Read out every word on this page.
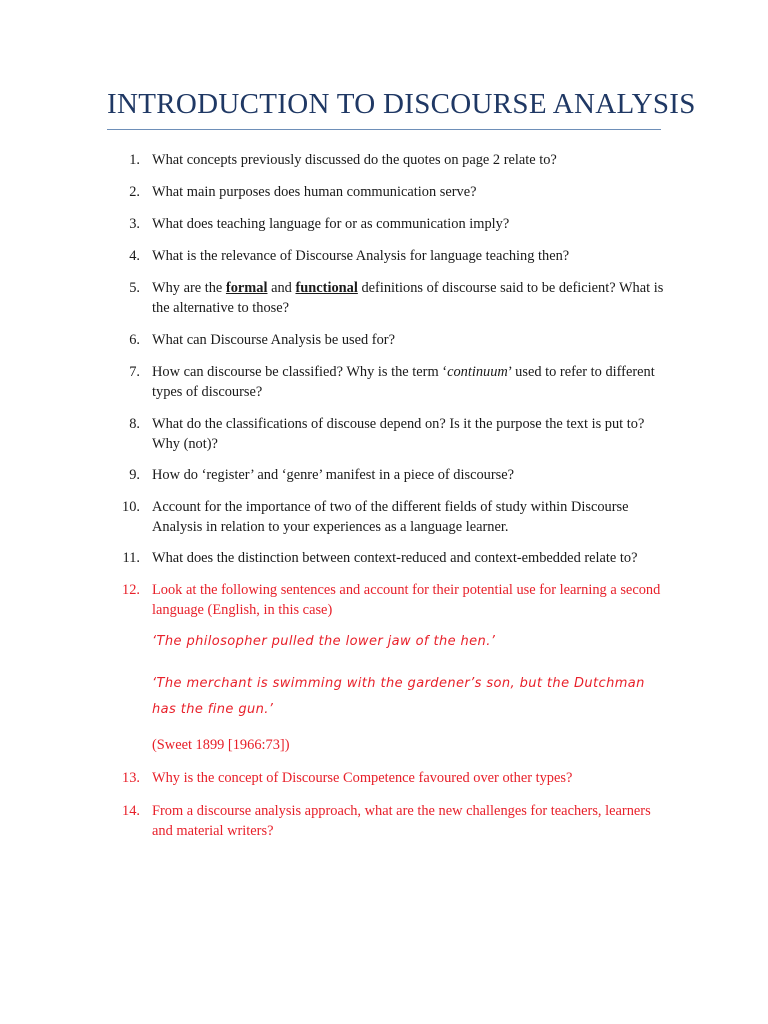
INTRODUCTION TO DISCOURSE ANALYSIS
1. What concepts previously discussed do the quotes on page 2 relate to?
2. What main purposes does human communication serve?
3. What does teaching language for or as communication imply?
4. What is the relevance of Discourse Analysis for language teaching then?
5. Why are the formal and functional definitions of discourse said to be deficient? What is the alternative to those?
6. What can Discourse Analysis be used for?
7. How can discourse be classified? Why is the term ‘continuum’ used to refer to different types of discourse?
8. What do the classifications of discouse depend on? Is it the purpose the text is put to? Why (not)?
9. How do ‘register’ and ‘genre’ manifest in a piece of discourse?
10. Account for the importance of two of the different fields of study within Discourse Analysis in relation to your experiences as a language learner.
11. What does the distinction between context-reduced and context-embedded relate to?
12. Look at the following sentences and account for their potential use for learning a second language (English, in this case)
‘The philosopher pulled the lower jaw of the hen.’
‘The merchant is swimming with the gardener’s son, but the Dutchman has the fine gun.’
(Sweet 1899 [1966:73])
13. Why is the concept of Discourse Competence favoured over other types?
14. From a discourse analysis approach, what are the new challenges for teachers, learners and material writers?
